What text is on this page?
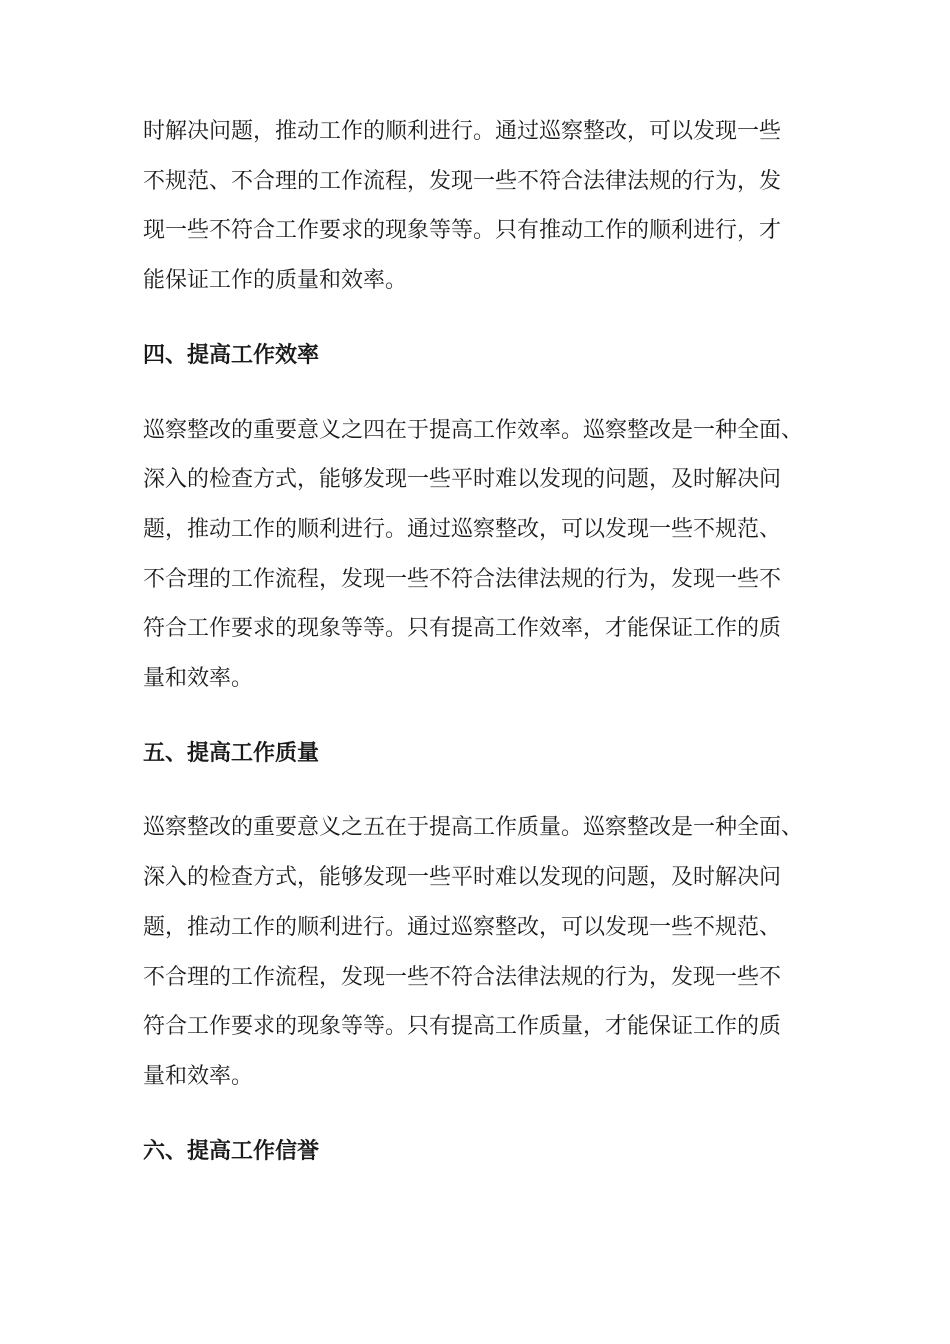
时解决问题，推动工作的顺利进行。通过巡察整改，可以发现一些
不规范、不合理的工作流程，发现一些不符合法律法规的行为，发
现一些不符合工作要求的现象等等。只有推动工作的顺利进行，才
能保证工作的质量和效率。

四、提高工作效率

巡察整改的重要意义之四在于提高工作效率。巡察整改是一种全面、
深入的检查方式，能够发现一些平时难以发现的问题，及时解决问
题，推动工作的顺利进行。通过巡察整改，可以发现一些不规范、
不合理的工作流程，发现一些不符合法律法规的行为，发现一些不
符合工作要求的现象等等。只有提高工作效率，才能保证工作的质
量和效率。

五、提高工作质量

巡察整改的重要意义之五在于提高工作质量。巡察整改是一种全面、
深入的检查方式，能够发现一些平时难以发现的问题，及时解决问
题，推动工作的顺利进行。通过巡察整改，可以发现一些不规范、
不合理的工作流程，发现一些不符合法律法规的行为，发现一些不
符合工作要求的现象等等。只有提高工作质量，才能保证工作的质
量和效率。

六、提高工作信誉
